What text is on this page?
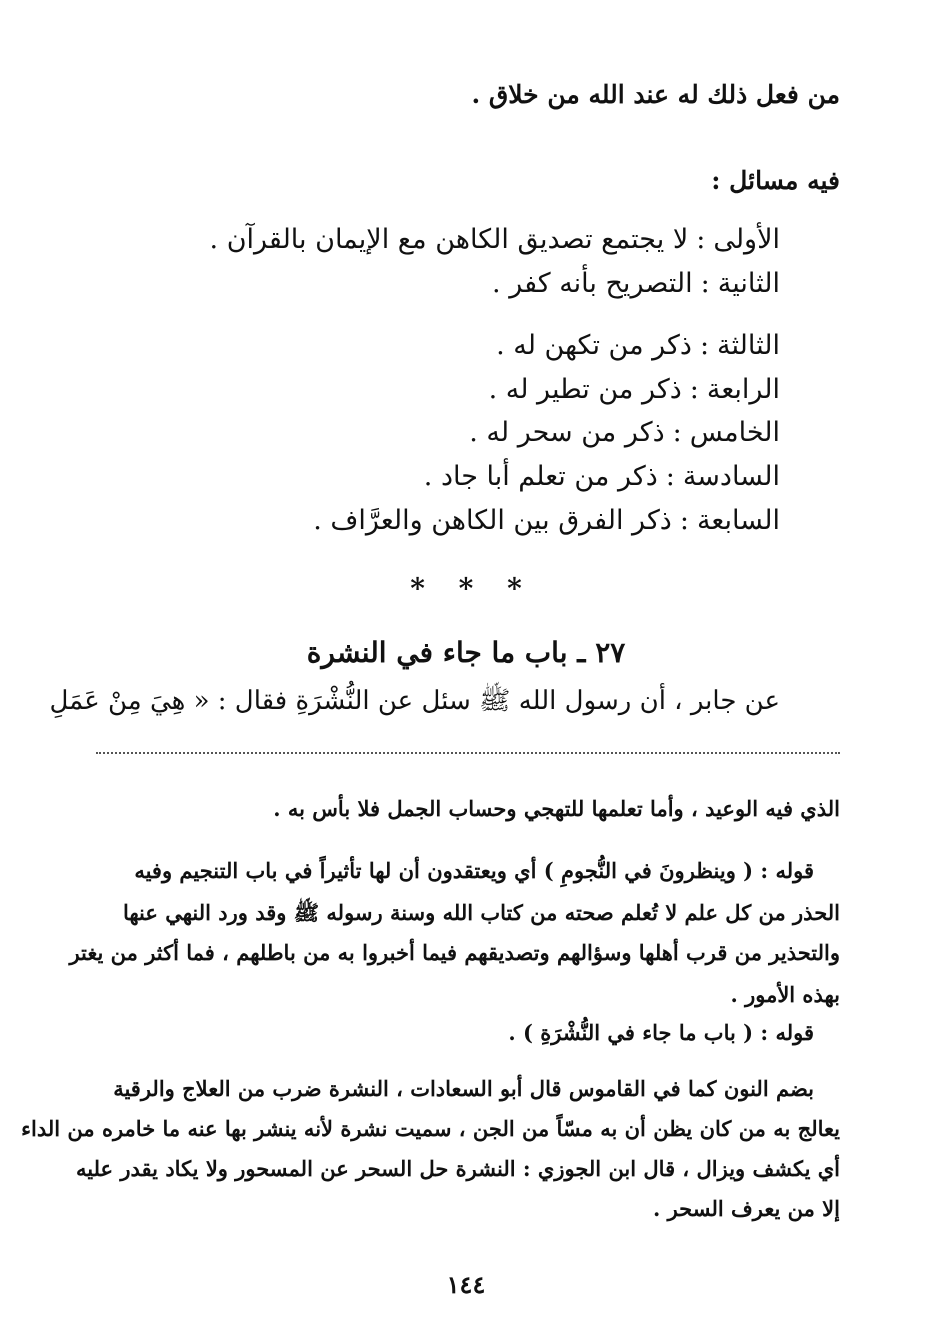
من فعل ذلك له عند الله من خلاق .
فيه مسائل :
الأولى:لا يجتمع تصديق الكاهن مع الإيمان بالقرآن .
الثانية:التصريح بأنه كفر .
الثالثة:ذكر من تكهن له .
الرابعة:ذكر من تطير له .
الخامس:ذكر من سحر له .
السادسة:ذكر من تعلم أبا جاد .
السابعة:ذكر الفرق بين الكاهن والعرَّاف .
* * *
٢٧ ـ باب ما جاء في النشرة
عن جابر ، أن رسول الله ﷺ سئل عن النُّشْرَةِ فقال : « هِيَ مِنْ عَمَلِ
الذي فيه الوعيد ، وأما تعلمها للتهجي وحساب الجمل فلا بأس به .
قوله : ( وينظرونَ في النُّجومِ ) أي ويعتقدون أن لها تأثيراً في باب التنجيم وفيه
الحذر من كل علم لا تُعلم صحته من كتاب الله وسنة رسوله ﷺ وقد ورد النهي عنها
والتحذير من قرب أهلها وسؤالهم وتصديقهم فيما أخبروا به من باطلهم ، فما أكثر من يغتر
بهذه الأمور .
قوله : ( باب ما جاء في النُّشْرَةِ ) .
بضم النون كما في القاموس قال أبو السعادات ، النشرة ضرب من العلاج والرقية
يعالج به من كان يظن أن به مسّاً من الجن ، سميت نشرة لأنه ينشر بها عنه ما خامره من الداء
أي يكشف ويزال ، قال ابن الجوزي : النشرة حل السحر عن المسحور ولا يكاد يقدر عليه
إلا من يعرف السحر .
١٤٤
